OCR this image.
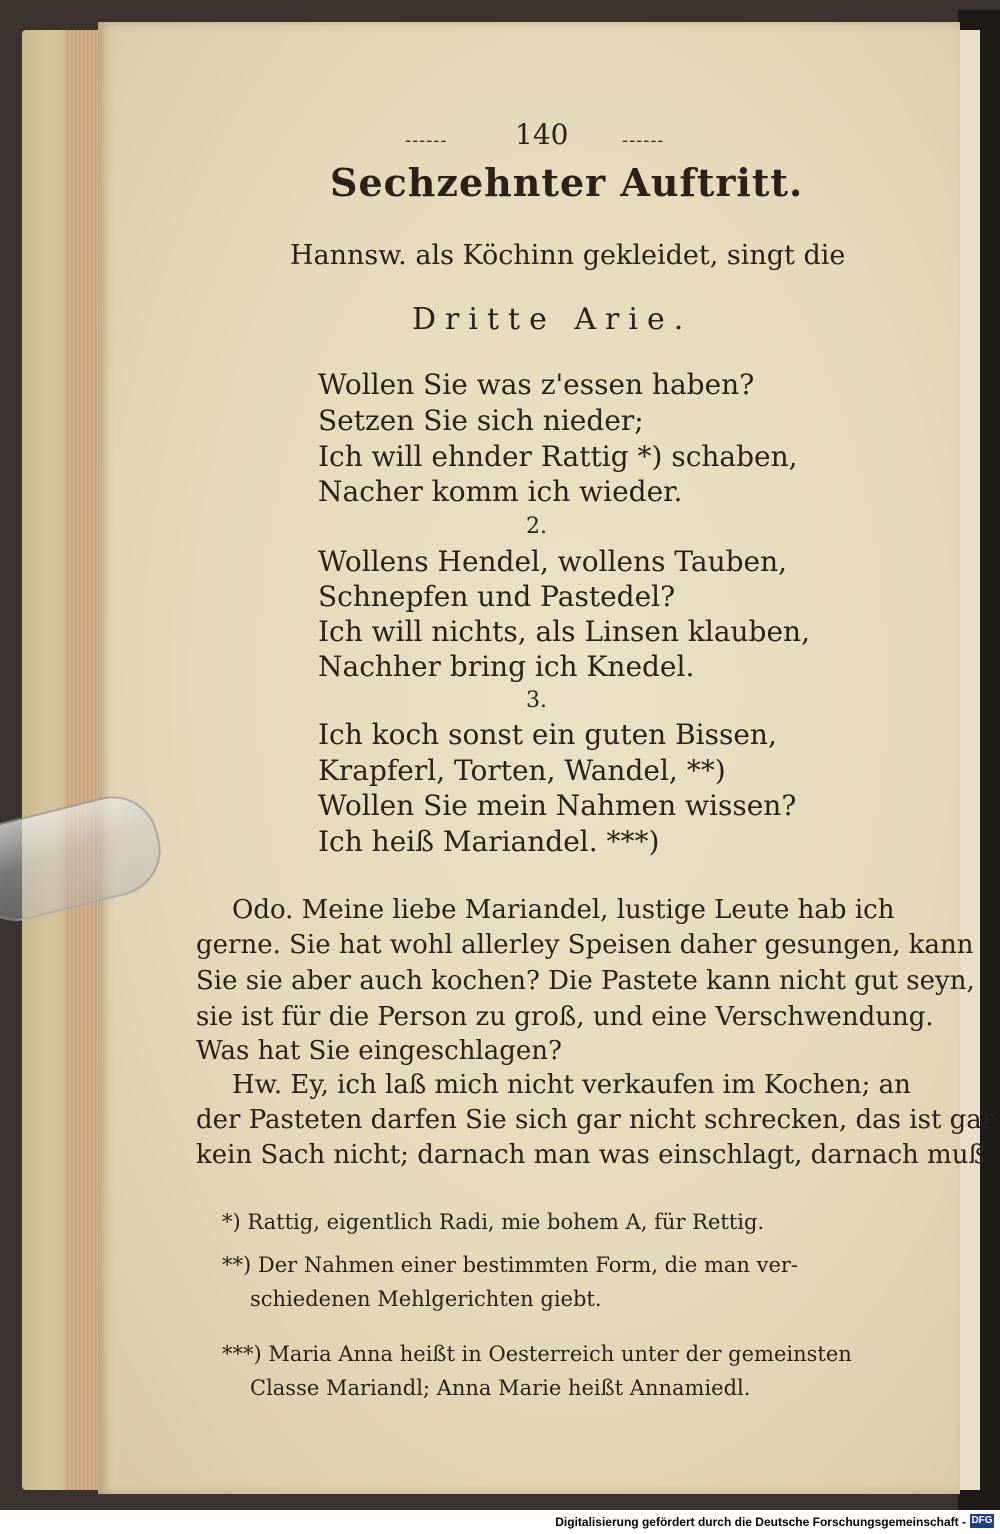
------ 140	------
Sechzehnter Auftritt.
Hannsw. als Köchinn gekleidet, singt die
Dritte Arie.
Wollen Sie was z'essen haben?
Setzen Sie sich nieder;
Ich will ehnder Rattig *) schaben,
Nacher komm ich wieder.
2.
Wollens Hendel, wollens Tauben,
Schnepfen und Pastedel?
Ich will nichts, als Linsen klauben,
Nachher bring ich Knedel.
3.
Ich koch sonst ein guten Bissen,
Krapferl, Torten, Wandel, **)
Wollen Sie mein Nahmen wissen?
Ich heiß Mariandel. ***)
Odo. Meine liebe Mariandel, lustige Leute hab ich
gerne. Sie hat wohl allerley Speisen daher gesungen, kann
Sie sie aber auch kochen? Die Pastete kann nicht gut seyn,
sie ist für die Person zu groß, und eine Verschwendung.
Was hat Sie eingeschlagen?
Hw. Ey, ich laß mich nicht verkaufen im Kochen; an
der Pasteten darfen Sie sich gar nicht schrecken, das ist gar
kein Sach nicht; darnach man was einschlagt, darnach muß
*) Rattig, eigentlich Radi, mie bohem A, für Rettig.
**) Der Nahmen einer bestimmten Form, die man ver-
schiedenen Mehlgerichten giebt.
***) Maria Anna heißt in Oesterreich unter der gemeinsten
Classe Mariandl; Anna Marie heißt Annamiedl.
Digitalisierung gefördert durch die Deutsche Forschungsgemeinschaft - DFG
